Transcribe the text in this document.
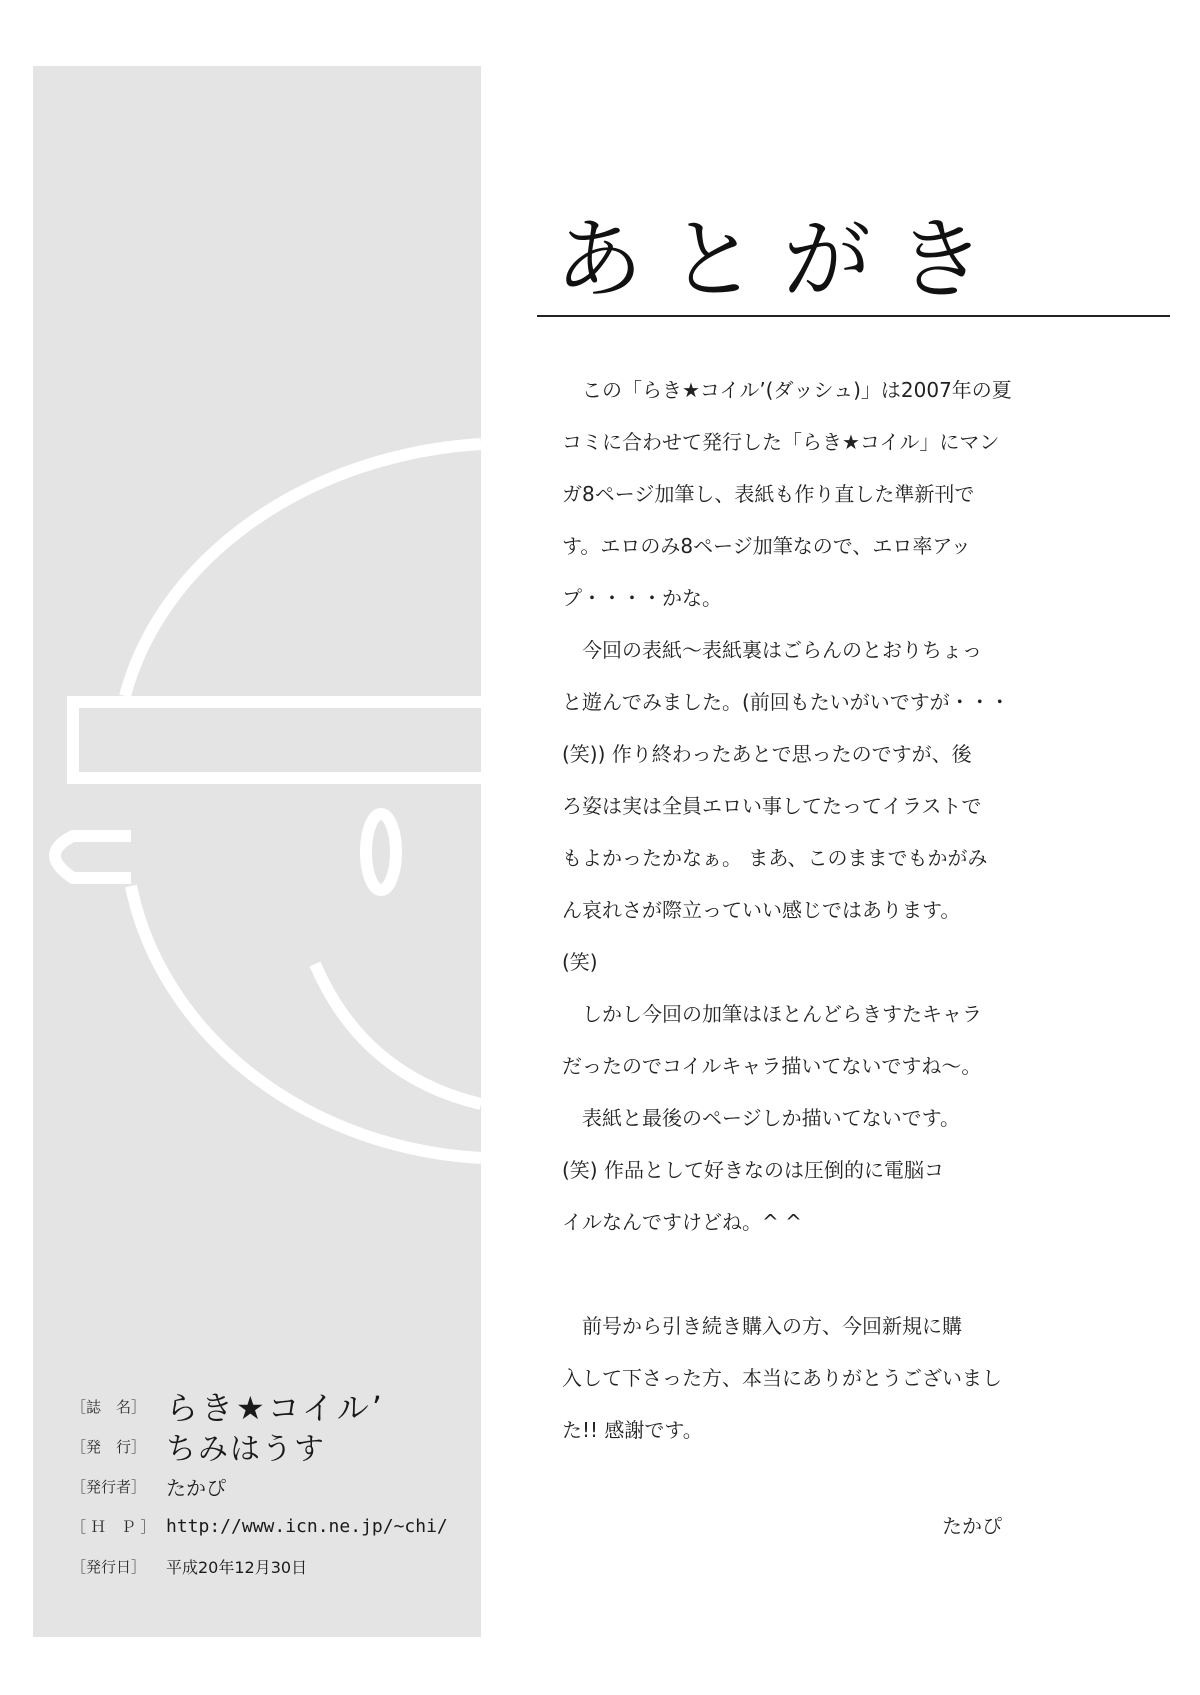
［誌　名］ らき★コイル’
［発　行］ ちみはうす
［発行者］ たかぴ
［ Ｈ　Ｐ ］ http://www.icn.ne.jp/~chi/
［発行日］	平成20年12月30日
あとがき
　この「らき★コイル’(ダッシュ)」は2007年の夏
コミに合わせて発行した「らき★コイル」にマン
ガ8ページ加筆し、表紙も作り直した準新刊で
す。エロのみ8ページ加筆なので、エロ率アッ
プ・・・・かな。
　今回の表紙〜表紙裏はごらんのとおりちょっ
と遊んでみました。(前回もたいがいですが・・・
(笑)) 作り終わったあとで思ったのですが、後
ろ姿は実は全員エロい事してたってイラストで
もよかったかなぁ。 まあ、このままでもかがみ
ん哀れさが際立っていい感じではあります。
(笑)
　しかし今回の加筆はほとんどらきすたキャラ
だったのでコイルキャラ描いてないですね〜。
　表紙と最後のページしか描いてないです。
(笑) 作品として好きなのは圧倒的に電脳コ
イルなんですけどね。^ ^
　前号から引き続き購入の方、今回新規に購
入して下さった方、本当にありがとうございまし
た!! 感謝です。
たかぴ
